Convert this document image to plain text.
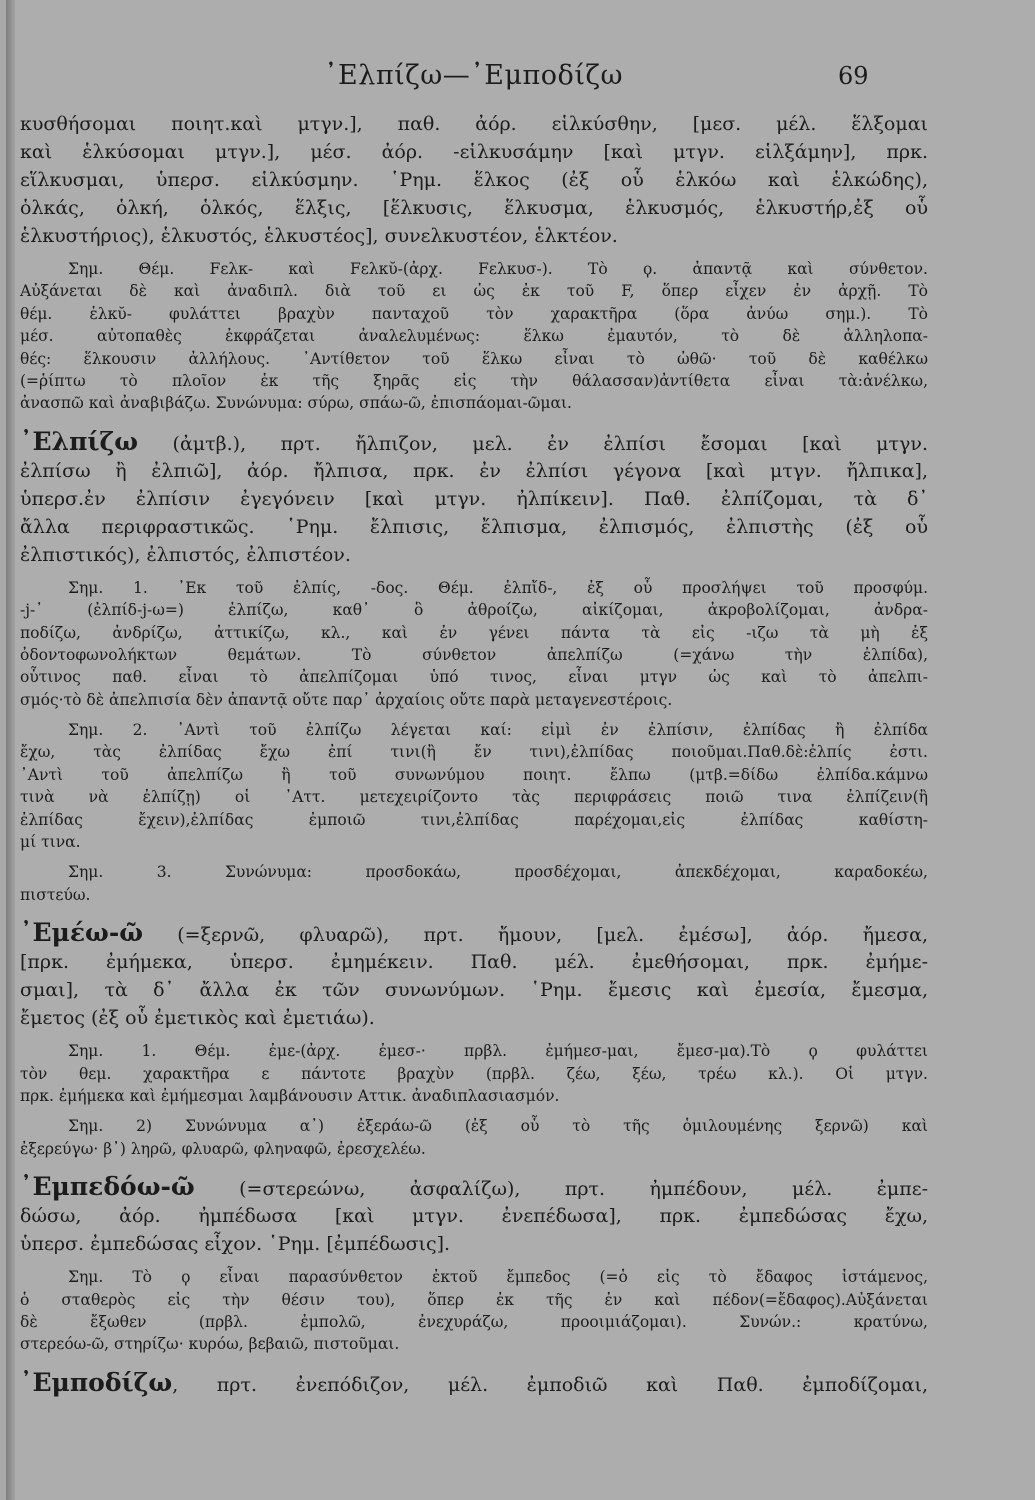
᾿Ελπίζω—᾿Εμποδίζω	69
κυσθήσομαι ποιητ.καὶ μτγν.], παθ. ἀόρ. εἱλκύσθην, [μεσ. μέλ. ἕλξομαι
καὶ ἑλκύσομαι μτγν.], μέσ. ἀόρ. -εἱλκυσάμην [καὶ μτγν. εἱλξάμην], πρκ.
εἵλκυσμαι, ὑπερσ. εἱλκύσμην. ῾Ρημ. ἕλκος (ἐξ οὗ ἑλκόω καὶ ἑλκώδης),
ὁλκάς, ὁλκή, ὁλκός, ἕλξις, [ἕλκυσις, ἕλκυσμα, ἑλκυσμός, ἑλκυστήρ,ἐξ οὗ
ἑλκυστήριος), ἑλκυστός, ἑλκυστέος], συνελκυστέον, ἑλκτέον.
Σημ. Θέμ. Fελκ- καὶ Fελκῠ-(ἀρχ. Fελκυσ-). Τὸ ϙ. ἀπαντᾷ καὶ σύνθετον.
Αὐξάνεται δὲ καὶ ἀναδιπλ. διὰ τοῦ ει ὡς ἐκ τοῦ F, ὅπερ εἶχεν ἐν ἀρχῇ. Τὸ
θέμ. ἑλκῠ- φυλάττει βραχὺν πανταχοῦ τὸν χαρακτῆρα (ὅρα ἀνύω σημ.). Τὸ
μέσ. αὐτοπαθὲς ἐκφράζεται ἀναλελυμένως: ἕλκω ἐμαυτόν, τὸ δὲ ἀλληλοπα-
θές: ἕλκουσιν ἀλλήλους. ᾿Αντίθετον τοῦ ἕλκω εἶναι τὸ ὠθῶ· τοῦ δὲ καθέλκω
(=ῥίπτω τὸ πλοῖον ἐκ τῆς ξηρᾶς εἰς τὴν θάλασσαν)ἀντίθετα εἶναι τὰ:ἀνέλκω,
ἀνασπῶ καὶ ἀναβιβάζω. Συνώνυμα: σύρω, σπάω-ῶ, ἐπισπάομαι-ῶμαι.
᾿Ελπίζω (ἀμτβ.), πρτ. ἤλπιζον, μελ. ἐν ἐλπίσι ἔσομαι [καὶ μτγν.
ἐλπίσω ἢ ἐλπιῶ], ἀόρ. ἤλπισα, πρκ. ἐν ἐλπίσι γέγονα [καὶ μτγν. ἤλπικα],
ὑπερσ.ἐν ἐλπίσιν ἐγεγόνειν [καὶ μτγν. ἠλπίκειν]. Παθ. ἐλπίζομαι, τὰ δ᾿
ἄλλα περιφραστικῶς. ῾Ρημ. ἔλπισις, ἔλπισμα, ἐλπισμός, ἐλπιστὴς (ἐξ οὗ
ἐλπιστικός), ἐλπιστός, ἐλπιστέον.
Σημ. 1. ᾿Εκ τοῦ ἐλπίς, -δος. Θέμ. ἐλπἴδ-, ἐξ οὗ προσλήψει τοῦ προσφύμ.
-j-᾿ (ἐλπίδ-j-ω=) ἐλπίζω, καθ᾿ ὃ ἀθροίζω, αἰκίζομαι, ἀκροβολίζομαι, ἀνδρα-
ποδίζω, ἀνδρίζω, ἀττικίζω, κλ., καὶ ἐν γένει πάντα τὰ εἰς -ιζω τὰ μὴ ἐξ
ὀδοντοφωνολήκτων θεμάτων. Τὸ σύνθετον ἀπελπίζω (=χάνω τὴν ἐλπίδα),
οὗτινος παθ. εἶναι τὸ ἀπελπίζομαι ὑπό τινος, εἶναι μτγν ὡς καὶ τὸ ἀπελπι-
σμός·τὸ δὲ ἀπελπισία δὲν ἀπαντᾷ οὔτε παρ᾿ ἀρχαίοις οὔτε παρὰ μεταγενεστέροις.
Σημ. 2. ᾿Αντὶ τοῦ ἐλπίζω λέγεται καί: εἰμὶ ἐν ἐλπίσιν, ἐλπίδας ἢ ἐλπίδα
ἔχω, τὰς ἐλπίδας ἔχω ἐπί τινι(ἢ ἔν τινι),ἐλπίδας ποιοῦμαι.Παθ.δὲ:ἐλπίς ἐστι.
᾿Αντὶ τοῦ ἀπελπίζω ἢ τοῦ συνωνύμου ποιητ. ἔλπω (μτβ.=δίδω ἐλπίδα.κάμνω
τινὰ νὰ ἐλπίζῃ) οἱ ᾿Αττ. μετεχειρίζοντο τὰς περιφράσεις ποιῶ τινα ἐλπίζειν(ἢ
ἐλπίδας ἔχειν),ἐλπίδας ἐμποιῶ τινι,ἐλπίδας παρέχομαι,εἰς ἐλπίδας καθίστη-
μί τινα.
Σημ. 3. Συνώνυμα: προσδοκάω, προσδέχομαι, ἀπεκδέχομαι, καραδοκέω,
πιστεύω.
᾿Εμέω-ῶ (=ξερνῶ, φλυαρῶ), πρτ. ἤμουν, [μελ. ἐμέσω], ἀόρ. ἤμεσα,
[πρκ. ἐμήμεκα, ὑπερσ. ἐμημέκειν. Παθ. μέλ. ἐμεθήσομαι, πρκ. ἐμήμε-
σμαι], τὰ δ᾿ ἄλλα ἐκ τῶν συνωνύμων. ῾Ρημ. ἔμεσις καὶ ἐμεσία, ἔμεσμα,
ἔμετος (ἐξ οὗ ἐμετικὸς καὶ ἐμετιάω).
Σημ. 1. Θέμ. ἐμε-(ἀρχ. ἐμεσ-· πρβλ. ἐμήμεσ-μαι, ἔμεσ-μα).Τὸ ϙ φυλάττει
τὸν θεμ. χαρακτῆρα ε πάντοτε βραχὺν (πρβλ. ζέω, ξέω, τρέω κλ.). Οἱ μτγν.
πρκ. ἐμήμεκα καὶ ἐμήμεσμαι λαμβάνουσιν Αττικ. ἀναδιπλασιασμόν.
Σημ. 2) Συνώνυμα α᾿) ἐξεράω-ῶ (ἐξ οὗ τὸ τῆς ὁμιλουμένης ξερνῶ) καὶ
ἐξερεύγω· β᾿) ληρῶ, φλυαρῶ, φληναφῶ, ἐρεσχελέω.
᾿Εμπεδόω-ῶ (=στερεώνω, ἀσφαλίζω), πρτ. ἠμπέδουν, μέλ. ἐμπε-
δώσω, ἀόρ. ἠμπέδωσα [καὶ μτγν. ἐνεπέδωσα], πρκ. ἐμπεδώσας ἔχω,
ὑπερσ. ἐμπεδώσας εἶχον. ῾Ρημ. [ἐμπέδωσις].
Σημ. Τὸ ϙ εἶναι παρασύνθετον ἐκτοῦ ἔμπεδος (=ὁ εἰς τὸ ἔδαφος ἱστάμενος,
ὁ σταθερὸς εἰς τὴν θέσιν του), ὅπερ ἐκ τῆς ἐν καὶ πέδον(=ἔδαφος).Αὐξάνεται
δὲ ἔξωθεν (πρβλ. ἐμπολῶ, ἐνεχυράζω, προοιμιάζομαι). Συνών.: κρατύνω,
στερεόω-ῶ, στηρίζω· κυρόω, βεβαιῶ, πιστοῦμαι.
᾿Εμποδίζω, πρτ. ἐνεπόδιζον, μέλ. ἐμποδιῶ καὶ Παθ. ἐμποδίζομαι,
